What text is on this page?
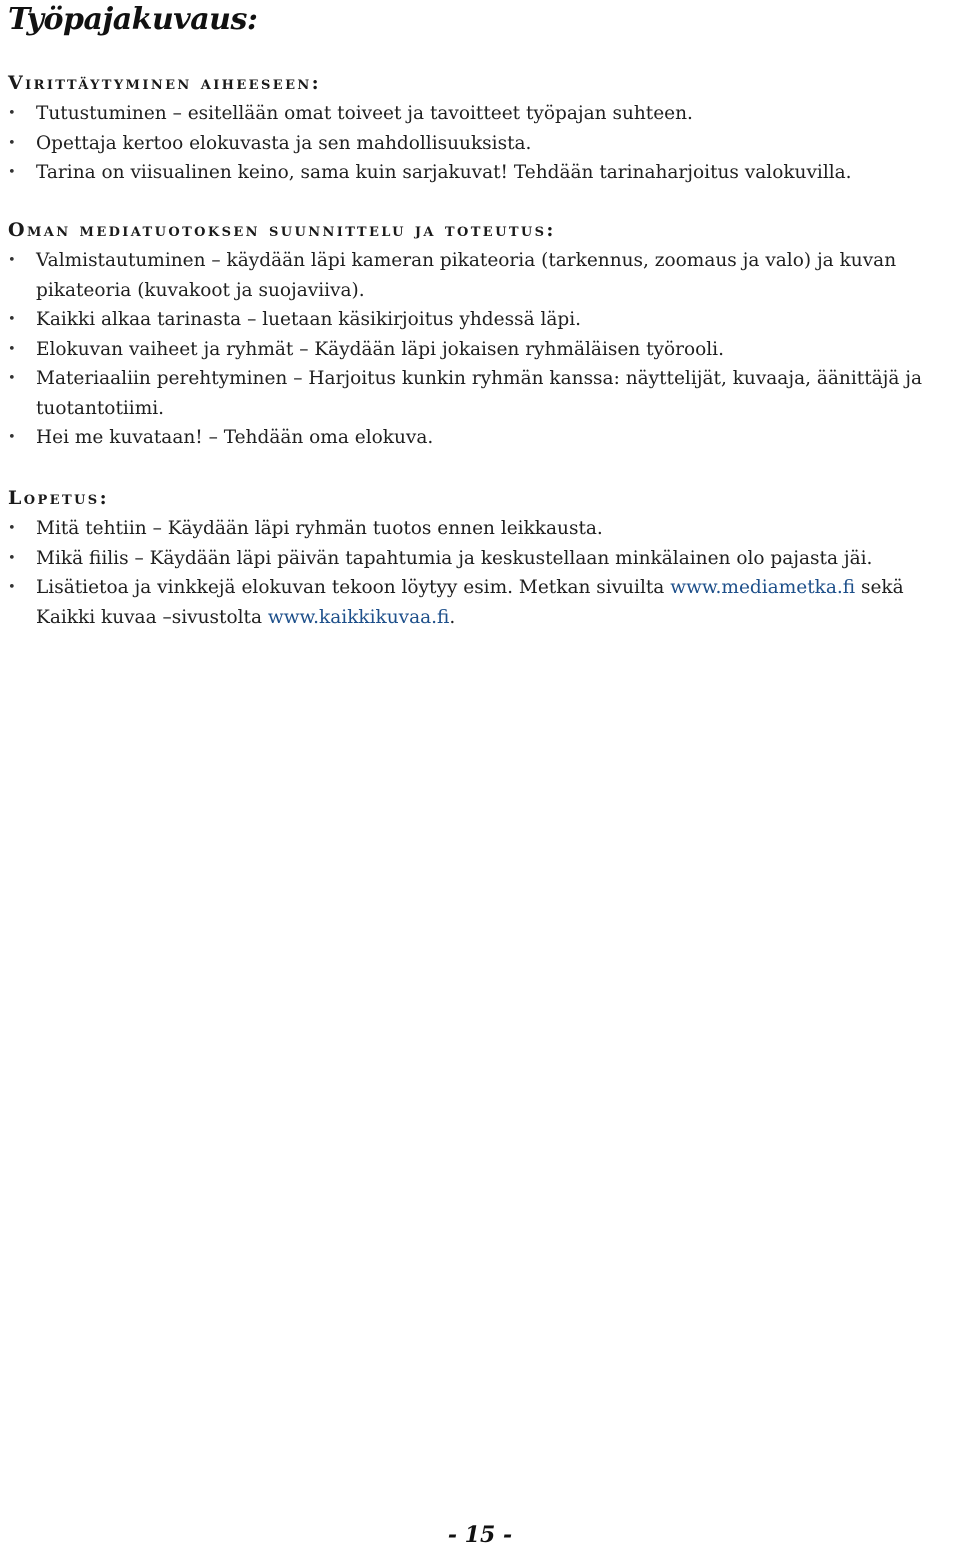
Työpajakuvaus:
Virittäytyminen aiheeseen:
• Tutustuminen – esitellään omat toiveet ja tavoitteet työpajan suhteen.
• Opettaja kertoo elokuvasta ja sen mahdollisuuksista.
• Tarina on viisualinen keino, sama kuin sarjakuvat! Tehdään tarinaharjoitus valokuvilla.
Oman mediatuotoksen suunnittelu ja toteutus:
• Valmistautuminen – käydään läpi kameran pikateoria (tarkennus, zoomaus ja valo) ja kuvan pikateoria (kuvakoot ja suojaviiva).
• Kaikki alkaa tarinasta – luetaan käsikirjoitus yhdessä läpi.
• Elokuvan vaiheet ja ryhmät – Käydään läpi jokaisen ryhmäläisen työrooli.
• Materiaaliin perehtyminen – Harjoitus kunkin ryhmän kanssa: näyttelijät, kuvaaja, äänittäjä ja tuotantotiimi.
• Hei me kuvataan! – Tehdään oma elokuva.
Lopetus:
• Mitä tehtiin – Käydään läpi ryhmän tuotos ennen leikkausta.
• Mikä fiilis – Käydään läpi päivän tapahtumia ja keskustellaan minkälainen olo pajasta jäi.
• Lisätietoa ja vinkkejä elokuvan tekoon löytyy esim. Metkan sivuilta www.mediametka.fi sekä Kaikki kuvaa –sivustolta www.kaikkikuvaa.fi.
- 15 -
